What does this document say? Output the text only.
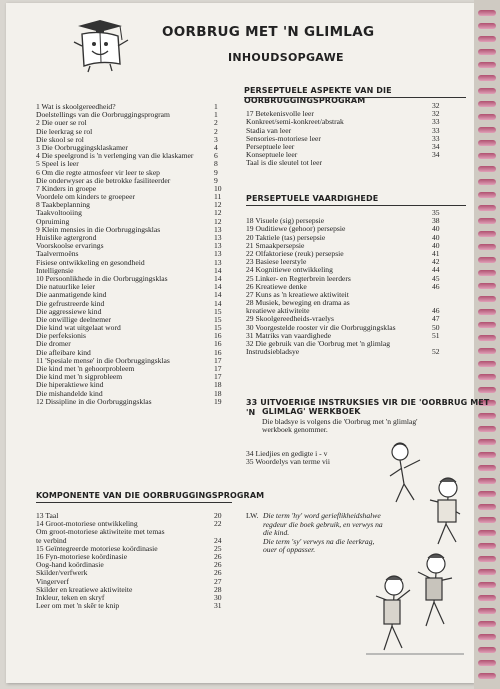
OORBRUG MET 'N GLIMLAG
INHOUDSOPGAWE
PERSEPTUELE ASPEKTE VAN DIE OORBRUGGINGSPROGRAM
1 Wat is skoolgereedheid?	1
Doelstellings van die Oorbruggingsprogram	1
2 Die ouer se rol	2
Die leerkrag se rol	2
Die skool se rol	3
3 Die Oorbruggingsklaskamer	4
4 Die speelgrond is 'n verlenging van die klaskamer	6
5 Speel is leer	8
6 Om die regte atmosfeer vir leer te skep	9
Die onderwyser as die betrokke fasiliteerder	9
7 Kinders in groepe	10
Voordele om kinders te groepeer	11
8 Taakbeplanning	12
Taakvoltooiing	12
Opruiming	12
9 Klein mensies in die Oorbruggingsklas	13
Huislike agtergrond	13
Voorskoolse ervarings	13
Taalvermoëns	13
Fisiese ontwikkeling en gesondheid	13
Intelligensie	14
10 Persoonlikhede in die Oorbruggingsklas	14
Die natuurlike leier	14
Die aanmatigende kind	14
Die gefrustreerde kind	14
Die aggressiewe kind	15
Die onwillige deelnemer	15
Die kind wat uitgelaat word	15
Die perfeksionis	16
Die dromer	16
Die afleibare kind	16
11 'Spesiale mense' in die Oorbruggingsklas	17
Die kind met 'n gehoorprobleem	17
Die kind met 'n sigprobleem	17
Die hiperaktiewe kind	18
Die mishandelde kind	18
12 Dissipline in die Oorbruggingsklas	19
KOMPONENTE VAN DIE OORBRUGGINGSPROGRAM
13 Taal	20
14 Groot-motoriese ontwikkeling	22
Om groot-motoriese aktiwiteite met temas
te verbind	24
15 Geïntegreerde motoriese koördinasie	25
16 Fyn-motoriese koördinasie	26
Oog-hand koördinasie	26
Skilder/verfwerk	26
Vingerverf	27
Skilder en kreatiewe aktiwiteite	28
Inkleur, teken en skryf	30
Leer om met 'n skêr te knip	31
32
17 Betekenisvolle leer	32
Konkreet/semi-konkreet/abstrak	33
Stadia van leer	33
Sensories-motoriese leer	33
Perseptuele leer	34
Konseptuele leer	34
Taal is die sleutel tot leer
PERSEPTUELE VAARDIGHEDE
35
18 Visuele (sig) persepsie	38
19 Ouditiewe (gehoor) persepsie	40
20 Taktiele (tas) persepsie	40
21 Smaakpersepsie	40
22 Olfaktoriese (reuk) persepsie	41
23 Basiese leerstyle	42
24 Kognitiewe ontwikkeling	44
25 Linker- en Regterbrein leerders	45
26 Kreatiewe denke	46
27 Kuns as 'n kreatiewe aktiwiteit
28 Musiek, beweging en drama as
kreatiewe aktiwiteite	46
29 Skoolgereedheids-vraelys	47
30 Voorgestelde rooster vir die Oorbruggingsklas	50
31 Matriks van vaardighede	51
32 Die gebruik van die 'Oorbrug met 'n glimlag
Instrudsiebladsye	52
33 UITVOERIGE INSTRUKSIES VIR DIE 'OORBRUG MET 'N GLIMLAG' WERKBOEK
Die bladsye is volgens die 'Oorbrug met 'n glimlag'
werkboek genommer.
34 Liedjies en gedigte i - v
35 Woordelys van terme vii
LW. Die term 'hy' word gerieflikheidshalwe
regdeur die boek gebruik, en verwys na
die kind.
Die term 'sy' verwys na die leerkrag,
ouer of oppasser.
